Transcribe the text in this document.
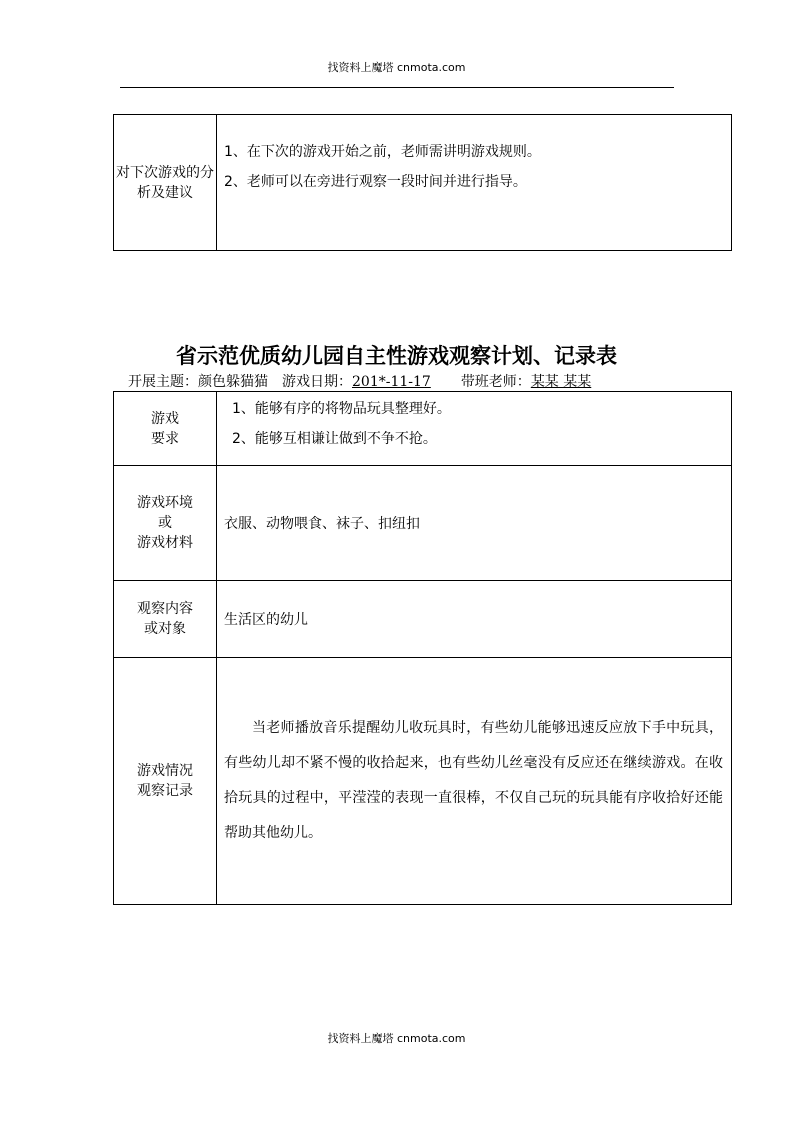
找资料上魔塔 cnmota.com
对下次游戏的分析及建议	
1、在下次的游戏开始之前，老师需讲明游戏规则。
2、老师可以在旁进行观察一段时间并进行指导。
省示范优质幼儿园自主性游戏观察计划、记录表
开展主题：颜色躲猫猫 游戏日期：201*-11-17 带班老师：某某 某某
游戏
要求	1、能够有序的将物品玩具整理好。
2、能够互相谦让做到不争不抢。

游戏环境
或
游戏材料	衣服、动物喂食、袜子、扣纽扣

观察内容
或对象	生活区的幼儿

游戏情况
观察记录	当老师播放音乐提醒幼儿收玩具时，有些幼儿能够迅速反应放下手中玩具，有些幼儿却不紧不慢的收拾起来，也有些幼儿丝毫没有反应还在继续游戏。在收拾玩具的过程中，平滢滢的表现一直很棒，不仅自己玩的玩具能有序收拾好还能帮助其他幼儿。
找资料上魔塔 cnmota.com
